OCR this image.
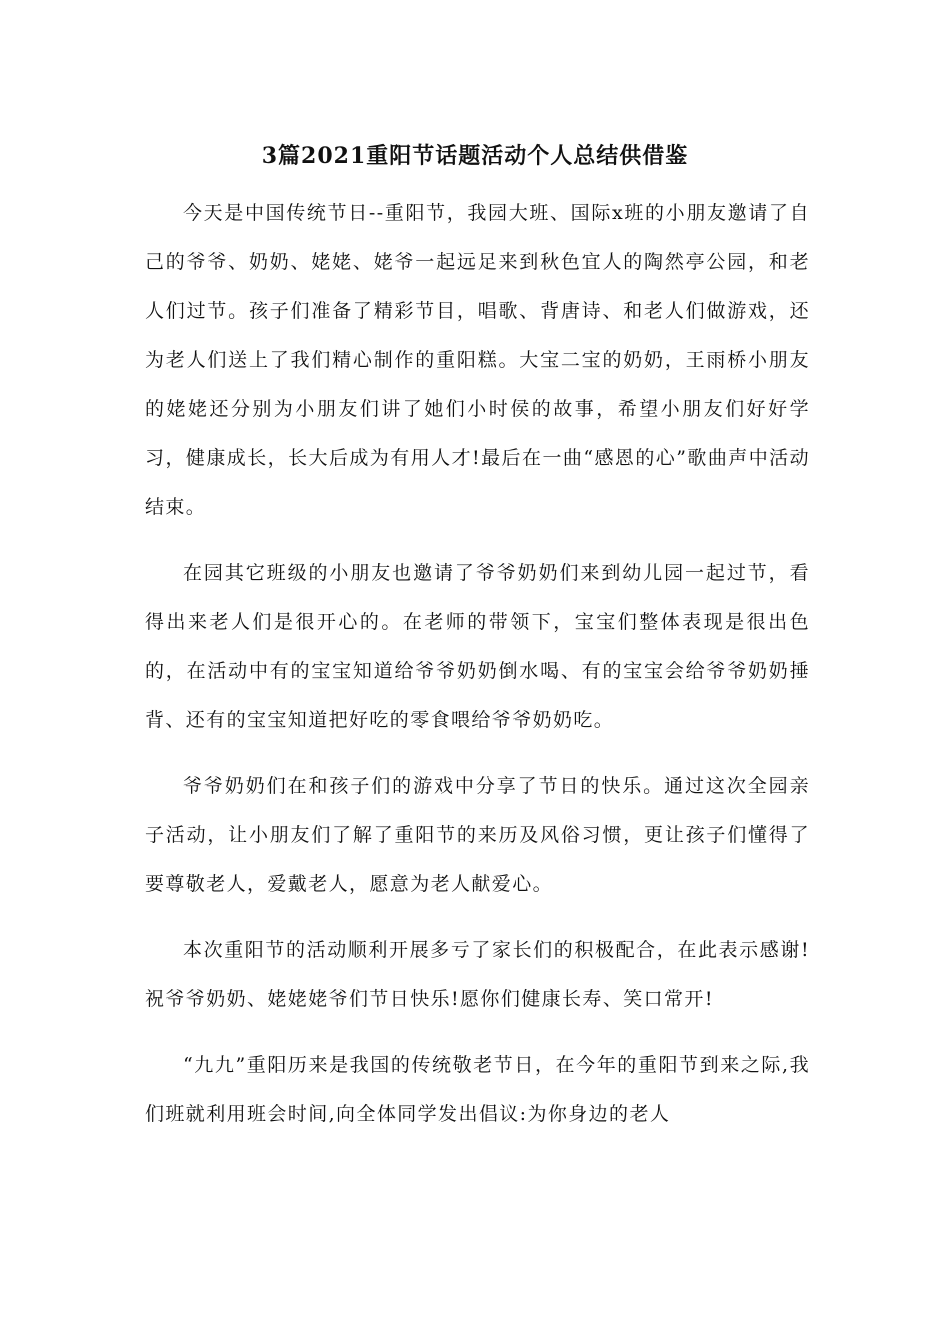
3篇2021重阳节话题活动个人总结供借鉴

今天是中国传统节日--重阳节，我园大班、国际x班的小朋友邀请了自己的爷爷、奶奶、姥姥、姥爷一起远足来到秋色宜人的陶然亭公园，和老人们过节。孩子们准备了精彩节目，唱歌、背唐诗、和老人们做游戏，还为老人们送上了我们精心制作的重阳糕。大宝二宝的奶奶，王雨桥小朋友的姥姥还分别为小朋友们讲了她们小时侯的故事，希望小朋友们好好学习，健康成长，长大后成为有用人才!最后在一曲“感恩的心”歌曲声中活动结束。

在园其它班级的小朋友也邀请了爷爷奶奶们来到幼儿园一起过节，看得出来老人们是很开心的。在老师的带领下，宝宝们整体表现是很出色的，在活动中有的宝宝知道给爷爷奶奶倒水喝、有的宝宝会给爷爷奶奶捶背、还有的宝宝知道把好吃的零食喂给爷爷奶奶吃。

爷爷奶奶们在和孩子们的游戏中分享了节日的快乐。通过这次全园亲子活动，让小朋友们了解了重阳节的来历及风俗习惯，更让孩子们懂得了要尊敬老人，爱戴老人，愿意为老人献爱心。

本次重阳节的活动顺利开展多亏了家长们的积极配合，在此表示感谢!祝爷爷奶奶、姥姥姥爷们节日快乐!愿你们健康长寿、笑口常开!

“九九”重阳历来是我国的传统敬老节日，在今年的重阳节到来之际,我们班就利用班会时间,向全体同学发出倡议:为你身边的老人
